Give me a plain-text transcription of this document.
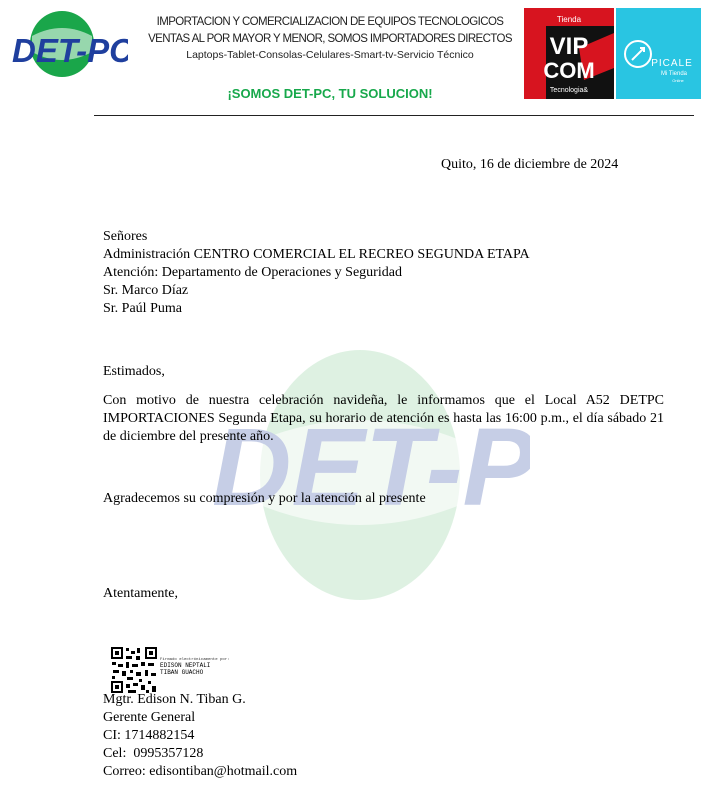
DET-PC
IMPORTACION Y COMERCIALIZACION DE EQUIPOS TECNOLOGICOS
VENTAS AL POR MAYOR Y MENOR, SOMOS IMPORTADORES DIRECTOS
Laptops-Tablet-Consolas-Celulares-Smart-tv-Servicio Técnico
¡SOMOS DET-PC, TU SOLUCION!
Tienda
VIP
COM
Tecnologia&
PICALE
Mi Tienda
Online
DET-P
Quito, 16 de diciembre de 2024
Señores
Administración CENTRO COMERCIAL EL RECREO SEGUNDA ETAPA
Atención: Departamento de Operaciones y Seguridad
Sr. Marco Díaz
Sr. Paúl Puma
Estimados,
Con motivo de nuestra celebración navideña, le informamos que el Local A52 DETPC IMPORTACIONES Segunda Etapa, su horario de atención es hasta las 16:00 p.m., el día sábado 21 de diciembre del presente año.
Agradecemos su compresión y por la atención al presente
Atentamente,
Firmado electrónicamente por:
EDISON NEPTALI
TIBAN GUACHO
Mgtr. Edison N. Tiban G.
Gerente General
CI: 1714882154
Cel:  0995357128
Correo: edisontiban@hotmail.com
